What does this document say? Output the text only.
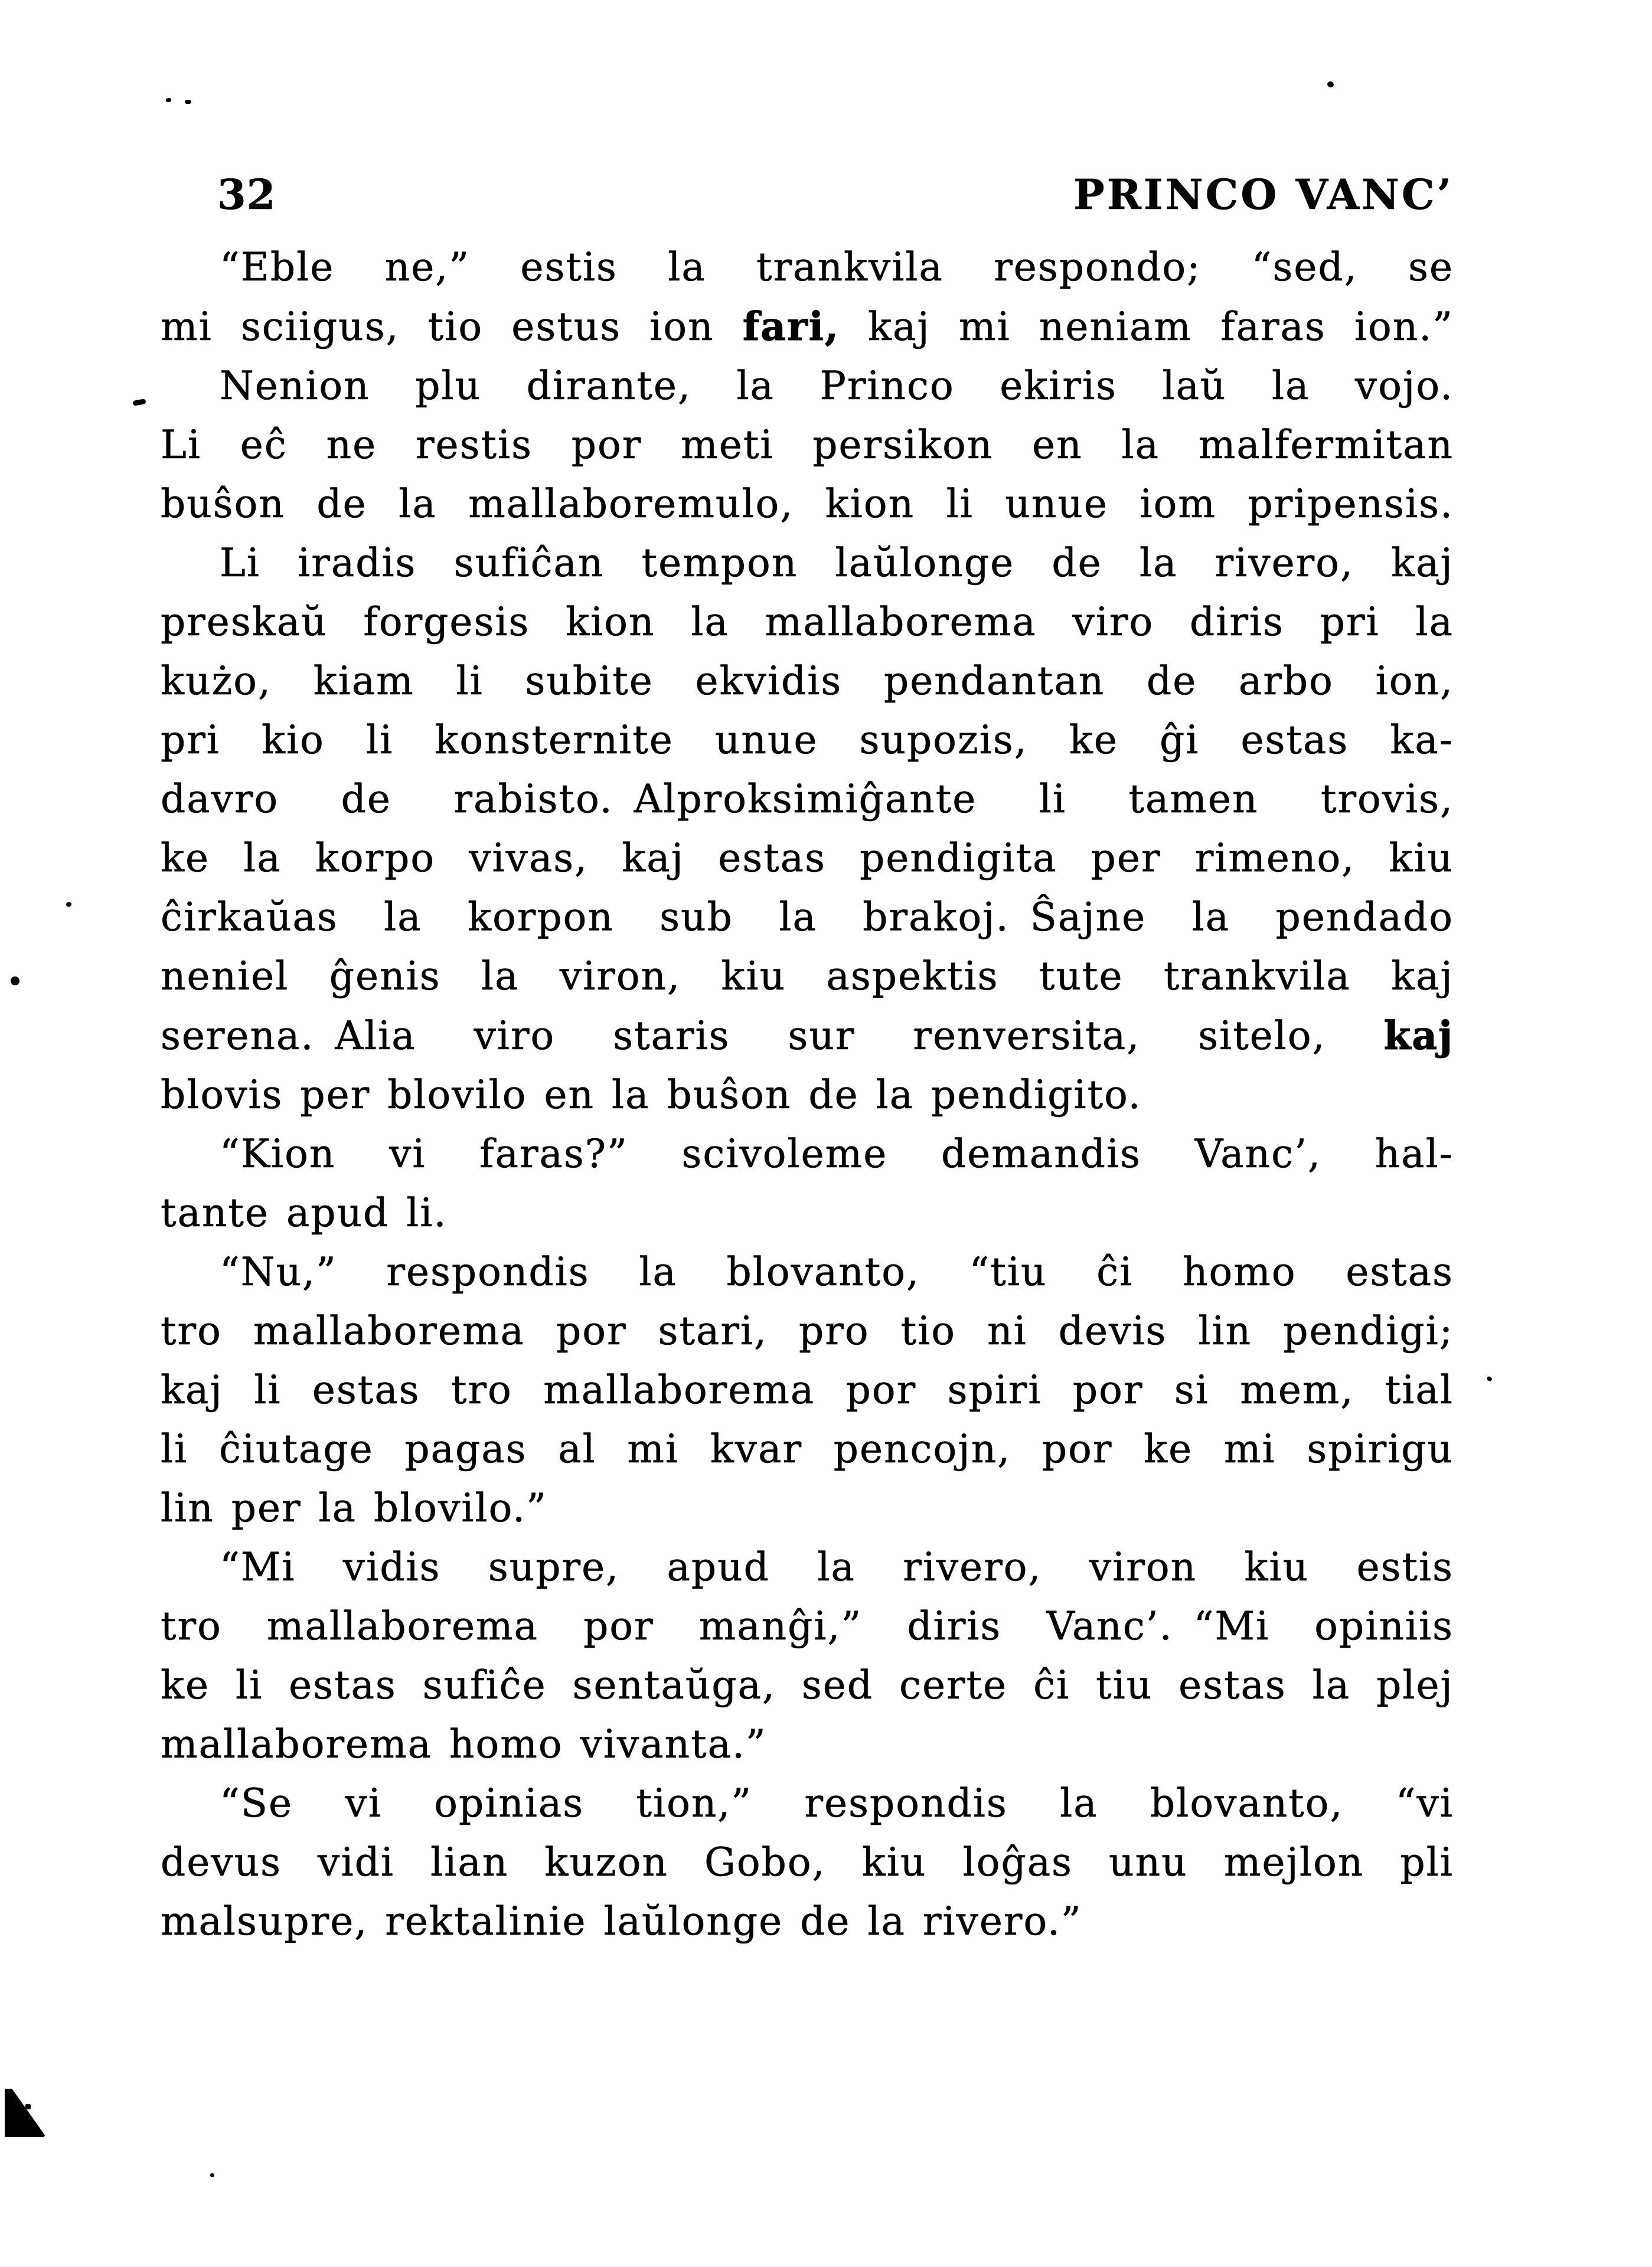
32	PRINCO VANC’
“Eble ne,” estis la trankvila respondo; “sed, se
mi sciigus, tio estus ion fari, kaj mi neniam faras ion.”
Nenion plu dirante, la Princo ekiris laŭ la vojo.
Li eĉ ne restis por meti persikon en la malfermitan
buŝon de la mallaboremulo, kion li unue iom pripensis.
Li iradis sufiĉan tempon laŭlonge de la rivero, kaj
preskaŭ forgesis kion la mallaborema viro diris pri la
kużo, kiam li subite ekvidis pendantan de arbo ion,
pri kio li konsternite unue supozis, ke ĝi estas ka-
davro de rabisto. Alproksimiĝante li tamen trovis,
ke la korpo vivas, kaj estas pendigita per rimeno, kiu
ĉirkaŭas la korpon sub la brakoj. Ŝajne la pendado
neniel ĝenis la viron, kiu aspektis tute trankvila kaj
serena. Alia viro staris sur renversita, sitelo, kaj
blovis per blovilo en la buŝon de la pendigito.
“Kion vi faras?” scivoleme demandis Vanc’, hal-
tante apud li.
“Nu,” respondis la blovanto, “tiu ĉi homo estas
tro mallaborema por stari, pro tio ni devis lin pendigi;
kaj li estas tro mallaborema por spiri por si mem, tial
li ĉiutage pagas al mi kvar pencojn, por ke mi spirigu
lin per la blovilo.”
“Mi vidis supre, apud la rivero, viron kiu estis
tro mallaborema por manĝi,” diris Vanc’. “Mi opiniis
ke li estas sufiĉe sentaŭga, sed certe ĉi tiu estas la plej
mallaborema homo vivanta.”
“Se vi opinias tion,” respondis la blovanto, “vi
devus vidi lian kuzon Gobo, kiu loĝas unu mejlon pli
malsupre, rektalinie laŭlonge de la rivero.”
